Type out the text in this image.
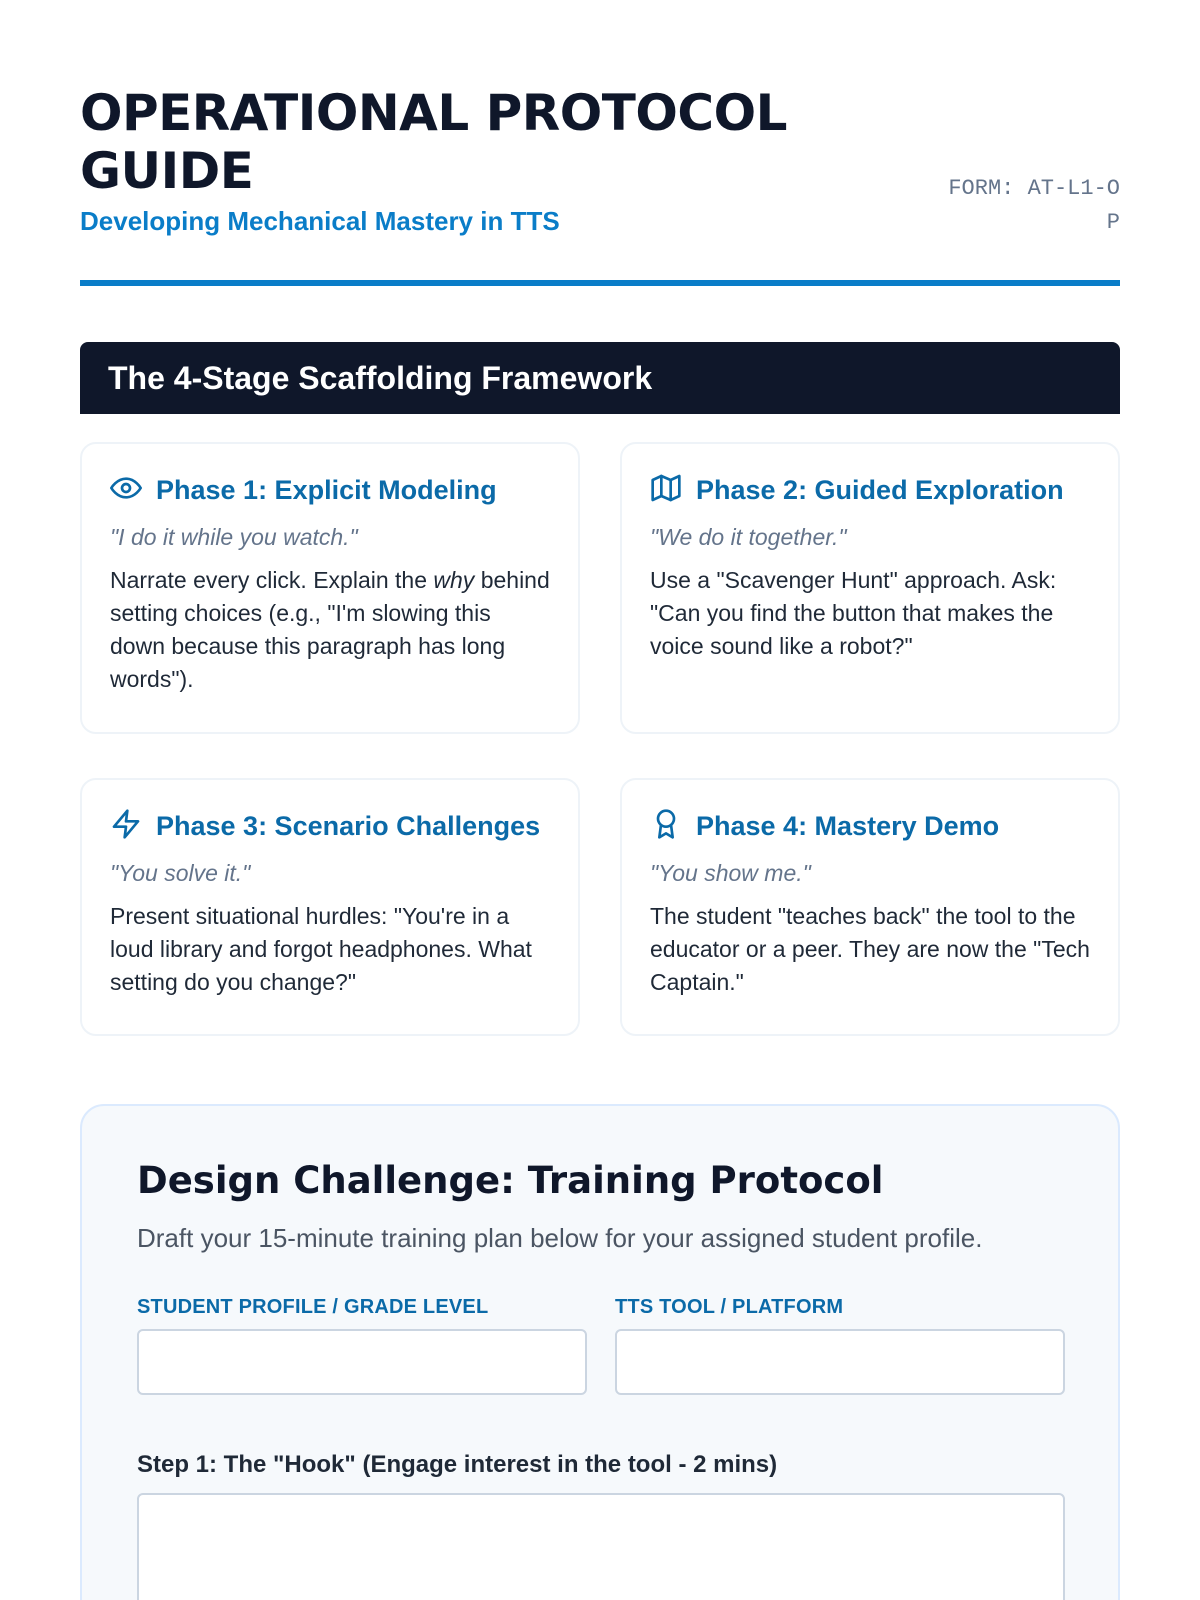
OPERATIONAL PROTOCOL GUIDE
Developing Mechanical Mastery in TTS
FORM: AT-L1-OP
The 4-Stage Scaffolding Framework
Phase 1: Explicit Modeling

"I do it while you watch."

Narrate every click. Explain the why behind setting choices (e.g., "I'm slowing this down because this paragraph has long words").

Phase 2: Guided Exploration

"We do it together."

Use a "Scavenger Hunt" approach. Ask: "Can you find the button that makes the voice sound like a robot?"

Phase 3: Scenario Challenges

"You solve it."

Present situational hurdles: "You're in a loud library and forgot headphones. What setting do you change?"

Phase 4: Mastery Demo

"You show me."

The student "teaches back" the tool to the educator or a peer. They are now the "Tech Captain."

Design Challenge: Training Protocol

Draft your 15-minute training plan below for your assigned student profile.

STUDENT PROFILE / GRADE LEVEL	TTS TOOL / PLATFORM
Step 1: The "Hook" (Engage interest in the tool - 2 mins)
